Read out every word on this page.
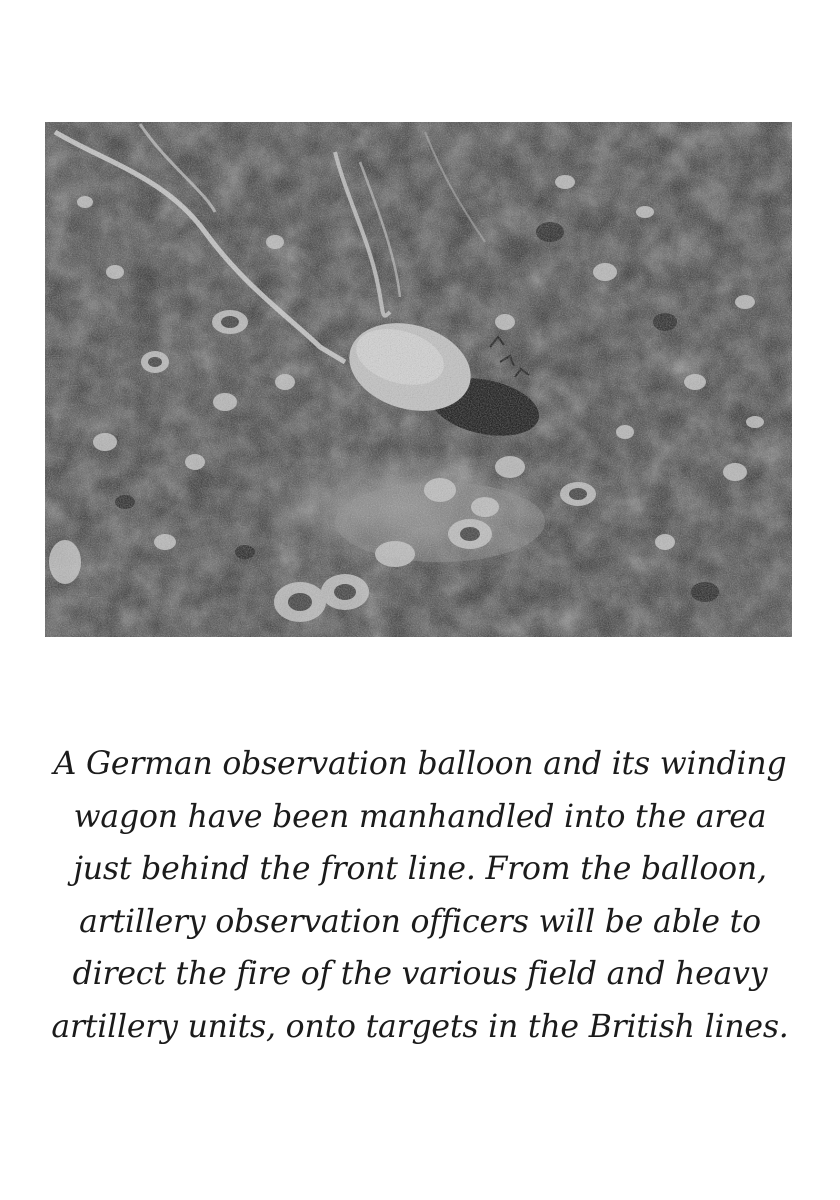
A German observation balloon and its winding
wagon have been manhandled into the area
just behind the front line. From the balloon,
artillery observation officers will be able to
direct the fire of the various field and heavy
artillery units, onto targets in the British lines.
